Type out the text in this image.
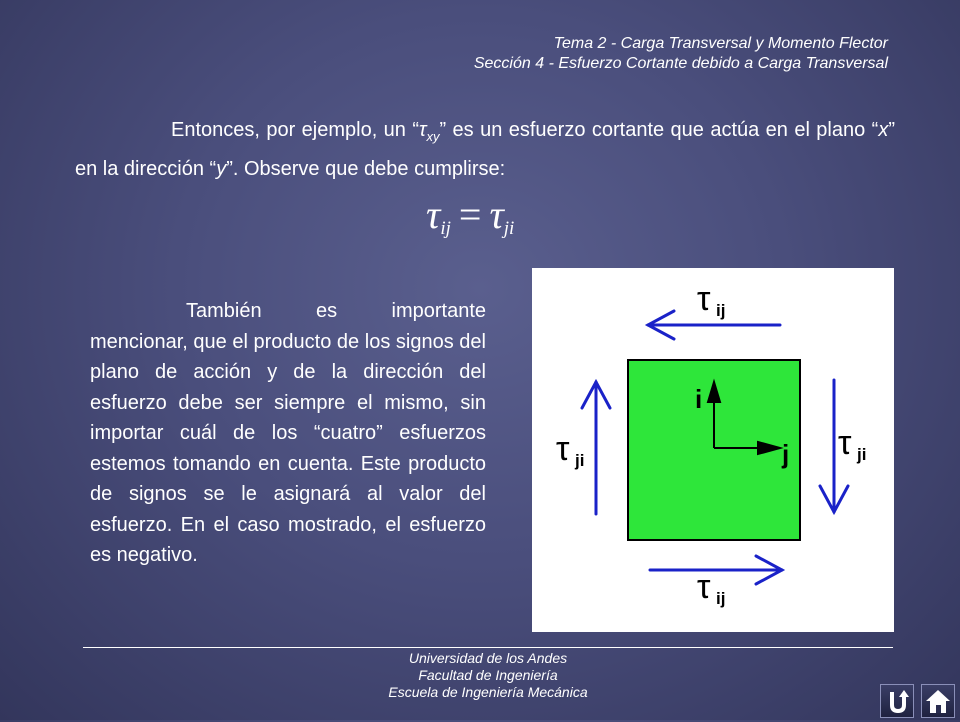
Tema 2 - Carga Transversal y Momento Flector
Sección 4 - Esfuerzo Cortante debido a Carga Transversal
Entonces, por ejemplo, un “$\tau_{xy}$” es un esfuerzo cortante que actúa en el plano “x” en la dirección “y”. Observe que debe cumplirse:
$\tau_{ij} = \tau_{ji}$
También es importante mencionar, que el producto de los signos del plano de acción y de la dirección del esfuerzo debe ser siempre el mismo, sin importar cuál de los “cuatro” esfuerzos estemos tomando en cuenta. Este producto de signos se le asignará al valor del esfuerzo. En el caso mostrado, el esfuerzo es negativo.
i
j
τ ij
τ ij
τ ji	τ ji
Universidad de los Andes
Facultad de Ingeniería
Escuela de Ingeniería Mecánica
